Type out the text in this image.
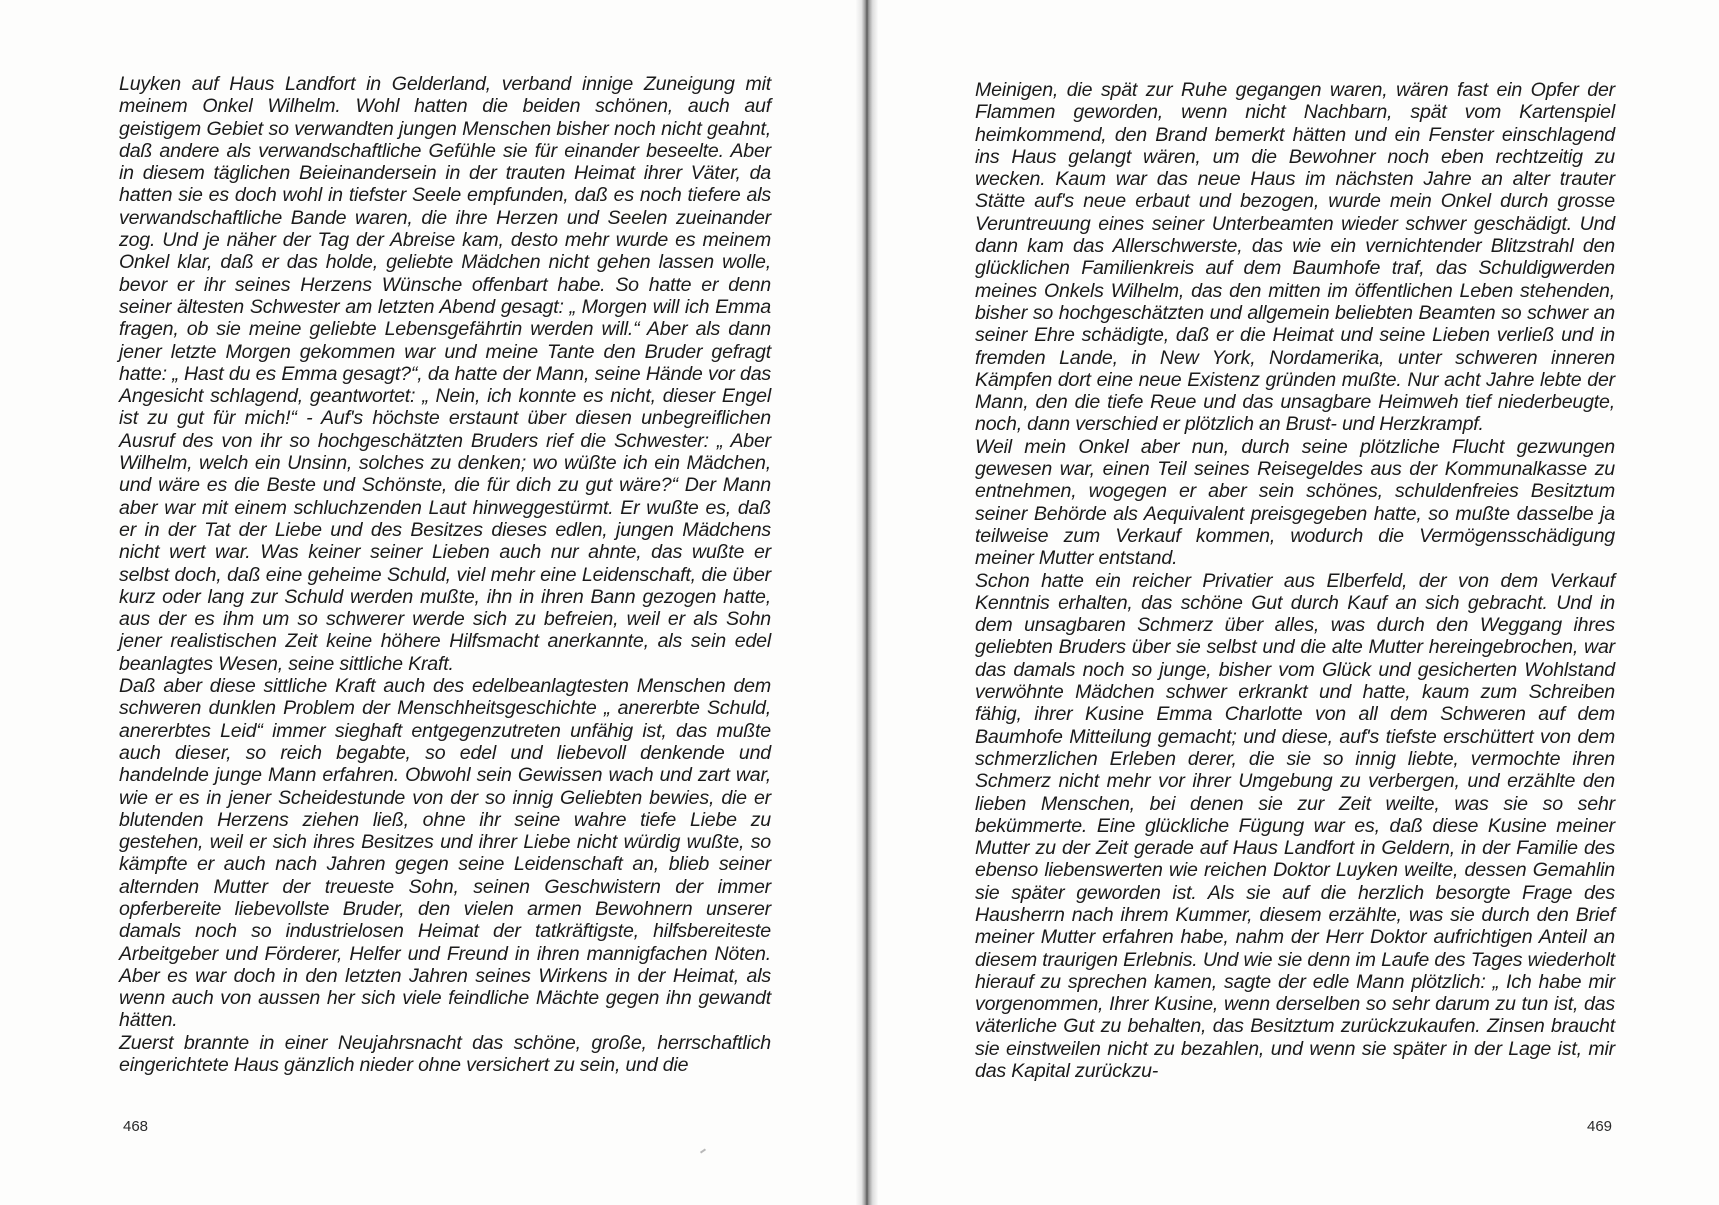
Luyken auf Haus Landfort in Gelderland, verband innige Zuneigung mit meinem Onkel Wilhelm. Wohl hatten die beiden schönen, auch auf geistigem Gebiet so verwandten jungen Menschen bisher noch nicht geahnt, daß andere als verwandschaftliche Gefühle sie für einander beseelte. Aber in diesem täglichen Beieinandersein in der trauten Heimat ihrer Väter, da hatten sie es doch wohl in tiefster Seele empfunden, daß es noch tiefere als verwandschaftliche Bande waren, die ihre Herzen und Seelen zueinander zog. Und je näher der Tag der Abreise kam, desto mehr wurde es meinem Onkel klar, daß er das holde, geliebte Mädchen nicht gehen lassen wolle, bevor er ihr seines Herzens Wünsche offenbart habe. So hatte er denn seiner ältesten Schwester am letzten Abend gesagt: „ Morgen will ich Emma fragen, ob sie meine geliebte Lebensgefährtin werden will.“ Aber als dann jener letzte Morgen gekommen war und meine Tante den Bruder gefragt hatte: „ Hast du es Emma gesagt?“, da hatte der Mann, seine Hände vor das Angesicht schlagend, geantwortet: „ Nein, ich konnte es nicht, dieser Engel ist zu gut für mich!“ - Auf's höchste erstaunt über diesen unbegreiflichen Ausruf des von ihr so hochgeschätzten Bruders rief die Schwester: „ Aber Wilhelm, welch ein Unsinn, solches zu denken; wo wüßte ich ein Mädchen, und wäre es die Beste und Schönste, die für dich zu gut wäre?“ Der Mann aber war mit einem schluchzenden Laut hinweggestürmt. Er wußte es, daß er in der Tat der Liebe und des Besitzes dieses edlen, jungen Mädchens nicht wert war. Was keiner seiner Lieben auch nur ahnte, das wußte er selbst doch, daß eine geheime Schuld, viel mehr eine Leidenschaft, die über kurz oder lang zur Schuld werden mußte, ihn in ihren Bann gezogen hatte, aus der es ihm um so schwerer werde sich zu befreien, weil er als Sohn jener realistischen Zeit keine höhere Hilfsmacht anerkannte, als sein edel beanlagtes Wesen, seine sittliche Kraft.

Daß aber diese sittliche Kraft auch des edelbeanlagtesten Menschen dem schweren dunklen Problem der Menschheitsgeschichte „ anererbte Schuld, anererbtes Leid“ immer sieghaft entgegenzutreten unfähig ist, das mußte auch dieser, so reich begabte, so edel und liebevoll denkende und handelnde junge Mann erfahren. Obwohl sein Gewissen wach und zart war, wie er es in jener Scheidestunde von der so innig Geliebten bewies, die er blutenden Herzens ziehen ließ, ohne ihr seine wahre tiefe Liebe zu gestehen, weil er sich ihres Besitzes und ihrer Liebe nicht würdig wußte, so kämpfte er auch nach Jahren gegen seine Leidenschaft an, blieb seiner alternden Mutter der treueste Sohn, seinen Geschwistern der immer opferbereite liebevollste Bruder, den vielen armen Bewohnern unserer damals noch so industrielosen Heimat der tatkräftigste, hilfsbereiteste Arbeitgeber und Förderer, Helfer und Freund in ihren mannigfachen Nöten. Aber es war doch in den letzten Jahren seines Wirkens in der Heimat, als wenn auch von aussen her sich viele feindliche Mächte gegen ihn gewandt hätten.

Zuerst brannte in einer Neujahrsnacht das schöne, große, herrschaftlich eingerichtete Haus gänzlich nieder ohne versichert zu sein, und die

468

Meinigen, die spät zur Ruhe gegangen waren, wären fast ein Opfer der Flammen geworden, wenn nicht Nachbarn, spät vom Kartenspiel heimkommend, den Brand bemerkt hätten und ein Fenster einschlagend ins Haus gelangt wären, um die Bewohner noch eben rechtzeitig zu wecken. Kaum war das neue Haus im nächsten Jahre an alter trauter Stätte auf's neue erbaut und bezogen, wurde mein Onkel durch grosse Veruntreuung eines seiner Unterbeamten wieder schwer geschädigt. Und dann kam das Allerschwerste, das wie ein vernichtender Blitzstrahl den glücklichen Familienkreis auf dem Baumhofe traf, das Schuldigwerden meines Onkels Wilhelm, das den mitten im öffentlichen Leben stehenden, bisher so hochgeschätzten und allgemein beliebten Beamten so schwer an seiner Ehre schädigte, daß er die Heimat und seine Lieben verließ und in fremden Lande, in New York, Nordamerika, unter schweren inneren Kämpfen dort eine neue Existenz gründen mußte. Nur acht Jahre lebte der Mann, den die tiefe Reue und das unsagbare Heimweh tief niederbeugte, noch, dann verschied er plötzlich an Brust- und Herzkrampf.

Weil mein Onkel aber nun, durch seine plötzliche Flucht gezwungen gewesen war, einen Teil seines Reisegeldes aus der Kommunalkasse zu entnehmen, wogegen er aber sein schönes, schuldenfreies Besitztum seiner Behörde als Aequivalent preisgegeben hatte, so mußte dasselbe ja teilweise zum Verkauf kommen, wodurch die Vermögensschädigung meiner Mutter entstand.

Schon hatte ein reicher Privatier aus Elberfeld, der von dem Verkauf Kenntnis erhalten, das schöne Gut durch Kauf an sich gebracht. Und in dem unsagbaren Schmerz über alles, was durch den Weggang ihres geliebten Bruders über sie selbst und die alte Mutter hereingebrochen, war das damals noch so junge, bisher vom Glück und gesicherten Wohlstand verwöhnte Mädchen schwer erkrankt und hatte, kaum zum Schreiben fähig, ihrer Kusine Emma Charlotte von all dem Schweren auf dem Baumhofe Mitteilung gemacht; und diese, auf's tiefste erschüttert von dem schmerzlichen Erleben derer, die sie so innig liebte, vermochte ihren Schmerz nicht mehr vor ihrer Umgebung zu verbergen, und erzählte den lieben Menschen, bei denen sie zur Zeit weilte, was sie so sehr bekümmerte. Eine glückliche Fügung war es, daß diese Kusine meiner Mutter zu der Zeit gerade auf Haus Landfort in Geldern, in der Familie des ebenso liebenswerten wie reichen Doktor Luyken weilte, dessen Gemahlin sie später geworden ist. Als sie auf die herzlich besorgte Frage des Hausherrn nach ihrem Kummer, diesem erzählte, was sie durch den Brief meiner Mutter erfahren habe, nahm der Herr Doktor aufrichtigen Anteil an diesem traurigen Erlebnis. Und wie sie denn im Laufe des Tages wiederholt hierauf zu sprechen kamen, sagte der edle Mann plötzlich: „ Ich habe mir vorgenommen, Ihrer Kusine, wenn derselben so sehr darum zu tun ist, das väterliche Gut zu behalten, das Besitztum zurückzukaufen. Zinsen braucht sie einstweilen nicht zu bezahlen, und wenn sie später in der Lage ist, mir das Kapital zurückzu-

469
